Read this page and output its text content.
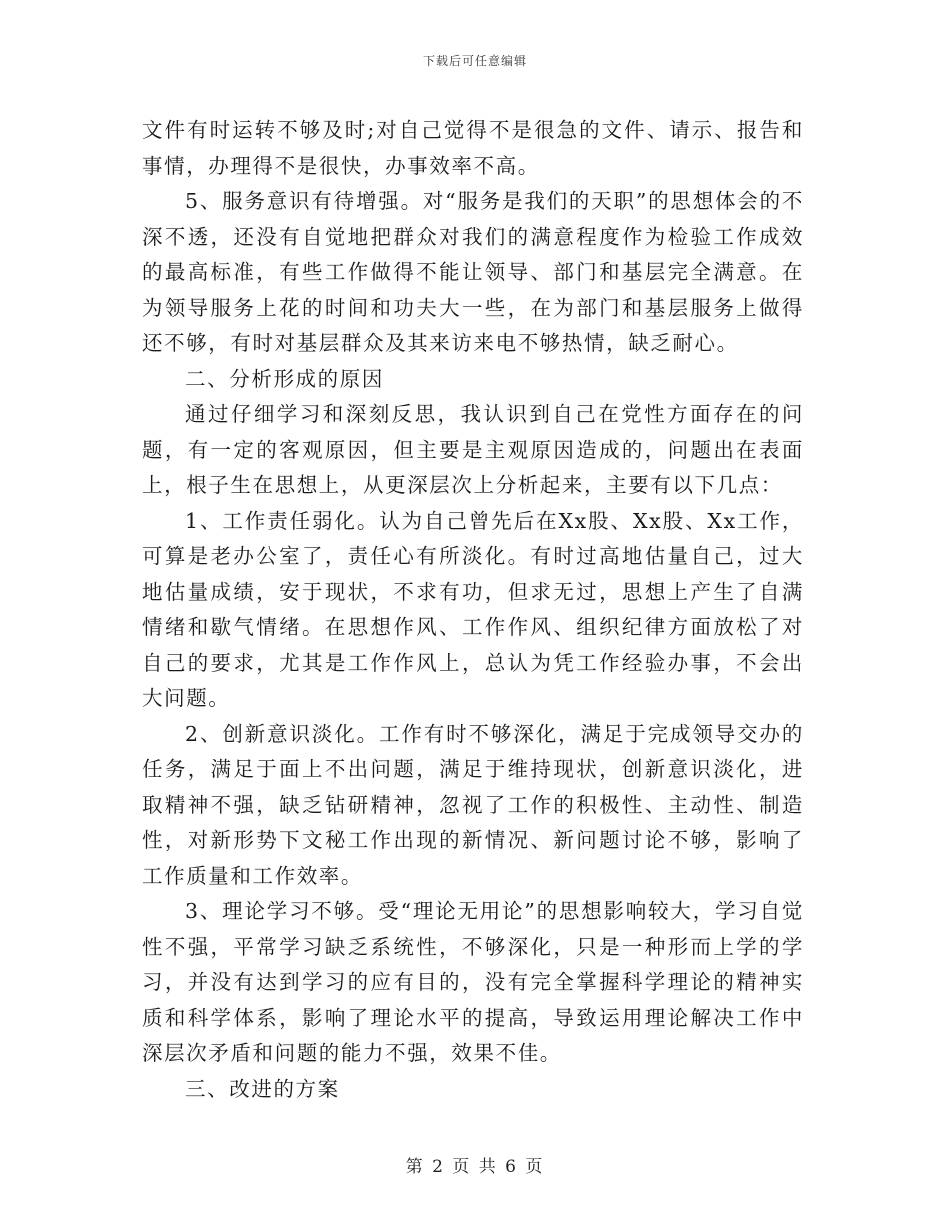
下载后可任意编辑

文件有时运转不够及时;对自己觉得不是很急的文件、请示、报告和事情，办理得不是很快，办事效率不高。

5、服务意识有待增强。对“服务是我们的天职”的思想体会的不深不透，还没有自觉地把群众对我们的满意程度作为检验工作成效的最高标准，有些工作做得不能让领导、部门和基层完全满意。在为领导服务上花的时间和功夫大一些，在为部门和基层服务上做得还不够，有时对基层群众及其来访来电不够热情，缺乏耐心。

二、分析形成的原因

通过仔细学习和深刻反思，我认识到自己在党性方面存在的问题，有一定的客观原因，但主要是主观原因造成的，问题出在表面上，根子生在思想上，从更深层次上分析起来，主要有以下几点：

1、工作责任弱化。认为自己曾先后在Xx股、Xx股、Xx工作，可算是老办公室了，责任心有所淡化。有时过高地估量自己，过大地估量成绩，安于现状，不求有功，但求无过，思想上产生了自满情绪和歇气情绪。在思想作风、工作作风、组织纪律方面放松了对自己的要求，尤其是工作作风上，总认为凭工作经验办事，不会出大问题。

2、创新意识淡化。工作有时不够深化，满足于完成领导交办的任务，满足于面上不出问题，满足于维持现状，创新意识淡化，进取精神不强，缺乏钻研精神，忽视了工作的积极性、主动性、制造性，对新形势下文秘工作出现的新情况、新问题讨论不够，影响了工作质量和工作效率。

3、理论学习不够。受“理论无用论”的思想影响较大，学习自觉性不强，平常学习缺乏系统性，不够深化，只是一种形而上学的学习，并没有达到学习的应有目的，没有完全掌握科学理论的精神实质和科学体系，影响了理论水平的提高，导致运用理论解决工作中深层次矛盾和问题的能力不强，效果不佳。

三、改进的方案

第 2 页 共 6 页
